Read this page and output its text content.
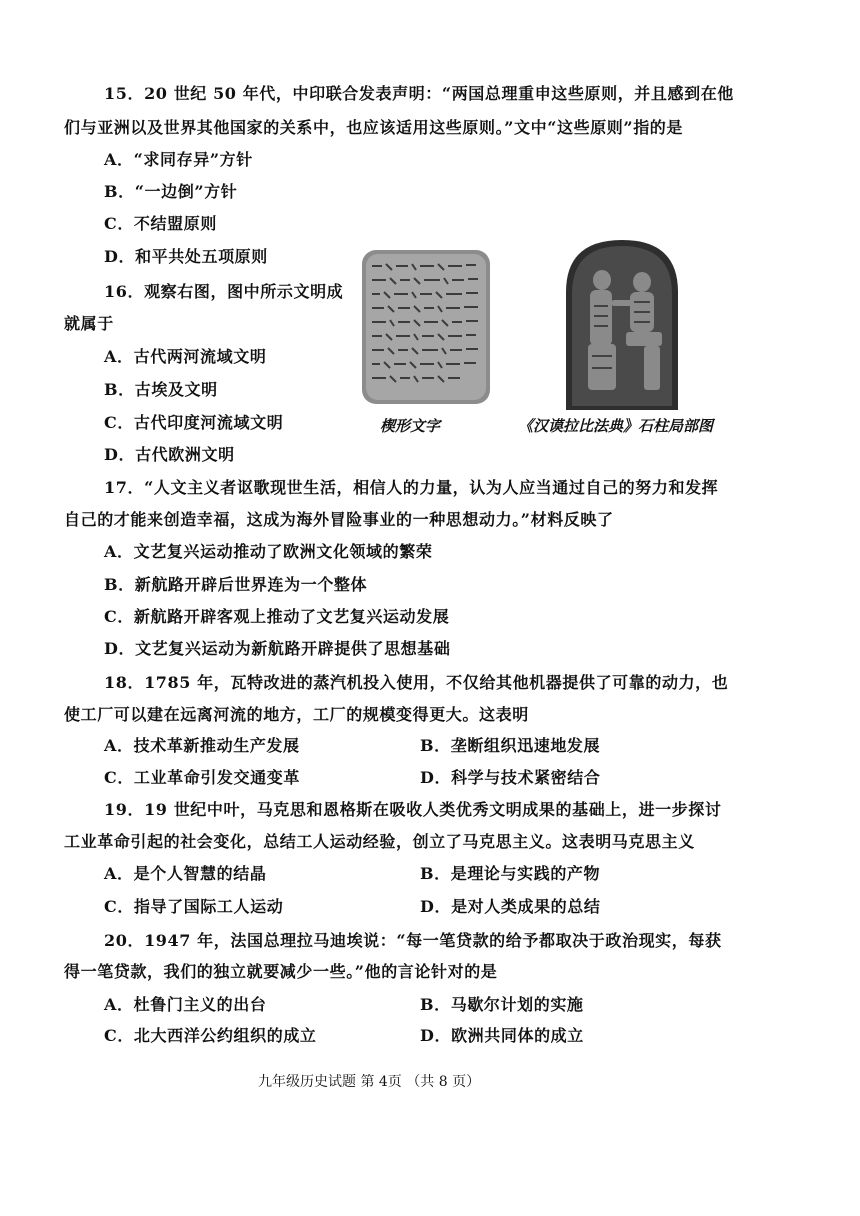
15．20 世纪 50 年代，中印联合发表声明：“两国总理重申这些原则，并且感到在他
们与亚洲以及世界其他国家的关系中，也应该适用这些原则。”文中“这些原则”指的是
A．“求同存异”方针
B．“一边倒”方针
C．不结盟原则
D．和平共处五项原则
16．观察右图，图中所示文明成
就属于
A．古代两河流域文明
B．古埃及文明
C．古代印度河流域文明
D．古代欧洲文明
楔形文字	《汉谟拉比法典》石柱局部图
17．“人文主义者讴歌现世生活，相信人的力量，认为人应当通过自己的努力和发挥
自己的才能来创造幸福，这成为海外冒险事业的一种思想动力。”材料反映了
A．文艺复兴运动推动了欧洲文化领域的繁荣
B．新航路开辟后世界连为一个整体
C．新航路开辟客观上推动了文艺复兴运动发展
D．文艺复兴运动为新航路开辟提供了思想基础
18．1785 年，瓦特改进的蒸汽机投入使用，不仅给其他机器提供了可靠的动力，也
使工厂可以建在远离河流的地方，工厂的规模变得更大。这表明
A．技术革新推动生产发展	B．垄断组织迅速地发展
C．工业革命引发交通变革	D．科学与技术紧密结合
19．19 世纪中叶，马克思和恩格斯在吸收人类优秀文明成果的基础上，进一步探讨
工业革命引起的社会变化，总结工人运动经验，创立了马克思主义。这表明马克思主义
A．是个人智慧的结晶	B．是理论与实践的产物
C．指导了国际工人运动	D．是对人类成果的总结
20．1947 年，法国总理拉马迪埃说：“每一笔贷款的给予都取决于政治现实，每获
得一笔贷款，我们的独立就要减少一些。”他的言论针对的是
A．杜鲁门主义的出台	B．马歇尔计划的实施
C．北大西洋公约组织的成立	D．欧洲共同体的成立
九年级历史试题 第 4页 （共 8 页）
